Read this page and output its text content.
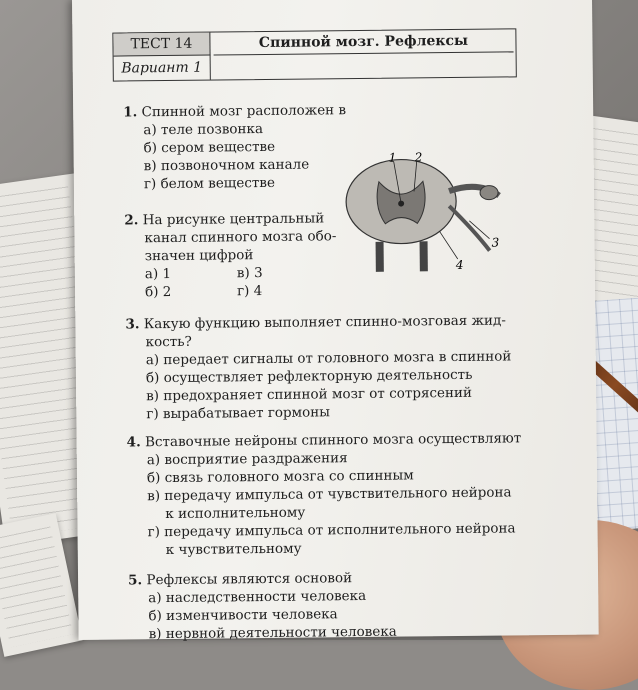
ТЕСТ 14
Вариант 1
Спинной мозг. Рефлексы
1. Спинной мозг расположен в
а) теле позвонка
б) сером веществе
в) позвоночном канале
г) белом веществе
2. На рисунке центральный
канал спинного мозга обо-
значен цифрой
а) 1	в) 3
б) 2	г) 4
1 2
3
4
3. Какую функцию выполняет спинно-мозговая жид-
кость?
а) передает сигналы от головного мозга в спинной
б) осуществляет рефлекторную деятельность
в) предохраняет спинной мозг от сотрясений
г) вырабатывает гормоны
4. Вставочные нейроны спинного мозга осуществляют
а) восприятие раздражения
б) связь головного мозга со спинным
в) передачу импульса от чувствительного нейрона
к исполнительному
г) передачу импульса от исполнительного нейрона
к чувствительному
5. Рефлексы являются основой
а) наследственности человека
б) изменчивости человека
в) нервной деятельности человека
